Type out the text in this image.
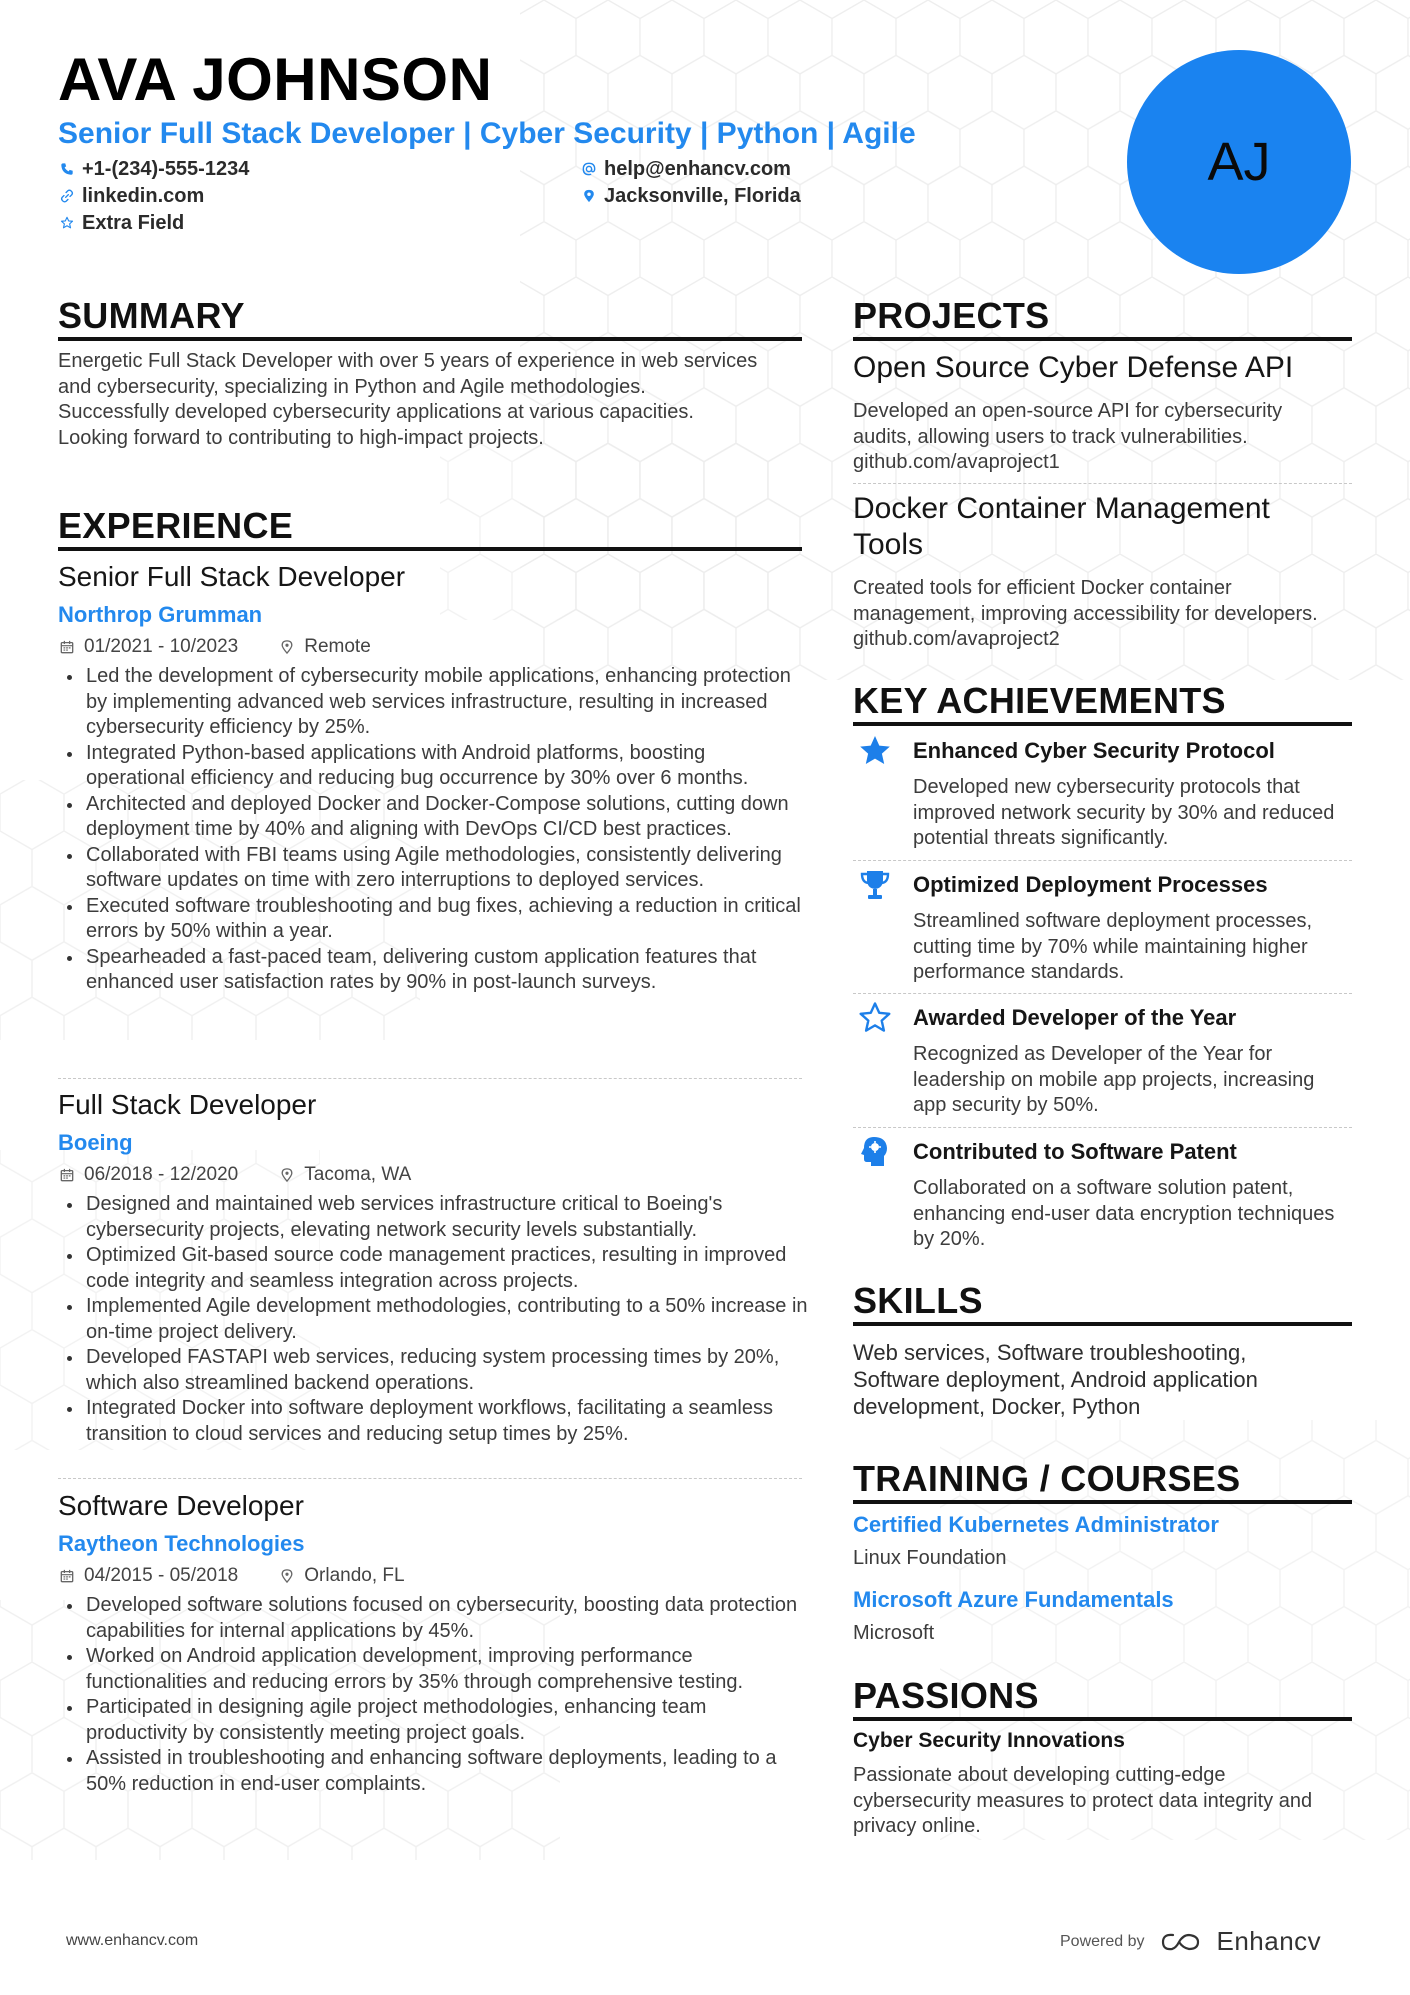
AVA JOHNSON
Senior Full Stack Developer | Cyber Security | Python | Agile
+1-(234)-555-1234	help@enhancv.com
linkedin.com	Jacksonville, Florida
Extra Field
AJ
SUMMARY
Energetic Full Stack Developer with over 5 years of experience in web services and cybersecurity, specializing in Python and Agile methodologies. Successfully developed cybersecurity applications at various capacities. Looking forward to contributing to high-impact projects.
EXPERIENCE
Senior Full Stack Developer
Northrop Grumman
01/2021 - 10/2023	Remote
Led the development of cybersecurity mobile applications, enhancing protection by implementing advanced web services infrastructure, resulting in increased cybersecurity efficiency by 25%.
Integrated Python-based applications with Android platforms, boosting operational efficiency and reducing bug occurrence by 30% over 6 months.
Architected and deployed Docker and Docker-Compose solutions, cutting down deployment time by 40% and aligning with DevOps CI/CD best practices.
Collaborated with FBI teams using Agile methodologies, consistently delivering software updates on time with zero interruptions to deployed services.
Executed software troubleshooting and bug fixes, achieving a reduction in critical errors by 50% within a year.
Spearheaded a fast-paced team, delivering custom application features that enhanced user satisfaction rates by 90% in post-launch surveys.
Full Stack Developer
Boeing
06/2018 - 12/2020	Tacoma, WA
Designed and maintained web services infrastructure critical to Boeing's cybersecurity projects, elevating network security levels substantially.
Optimized Git-based source code management practices, resulting in improved code integrity and seamless integration across projects.
Implemented Agile development methodologies, contributing to a 50% increase in on-time project delivery.
Developed FASTAPI web services, reducing system processing times by 20%, which also streamlined backend operations.
Integrated Docker into software deployment workflows, facilitating a seamless transition to cloud services and reducing setup times by 25%.
Software Developer
Raytheon Technologies
04/2015 - 05/2018	Orlando, FL
Developed software solutions focused on cybersecurity, boosting data protection capabilities for internal applications by 45%.
Worked on Android application development, improving performance functionalities and reducing errors by 35% through comprehensive testing.
Participated in designing agile project methodologies, enhancing team productivity by consistently meeting project goals.
Assisted in troubleshooting and enhancing software deployments, leading to a 50% reduction in end-user complaints.
PROJECTS
Open Source Cyber Defense API
Developed an open-source API for cybersecurity audits, allowing users to track vulnerabilities. github.com/avaproject1
Docker Container Management Tools
Created tools for efficient Docker container management, improving accessibility for developers. github.com/avaproject2
KEY ACHIEVEMENTS
Enhanced Cyber Security Protocol
Developed new cybersecurity protocols that improved network security by 30% and reduced potential threats significantly.
Optimized Deployment Processes
Streamlined software deployment processes, cutting time by 70% while maintaining higher performance standards.
Awarded Developer of the Year
Recognized as Developer of the Year for leadership on mobile app projects, increasing app security by 50%.
Contributed to Software Patent
Collaborated on a software solution patent, enhancing end-user data encryption techniques by 20%.
SKILLS
Web services, Software troubleshooting, Software deployment, Android application development, Docker, Python
TRAINING / COURSES
Certified Kubernetes Administrator
Linux Foundation
Microsoft Azure Fundamentals
Microsoft
PASSIONS
Cyber Security Innovations
Passionate about developing cutting-edge cybersecurity measures to protect data integrity and privacy online.
www.enhancv.com	Powered by	Enhancv
